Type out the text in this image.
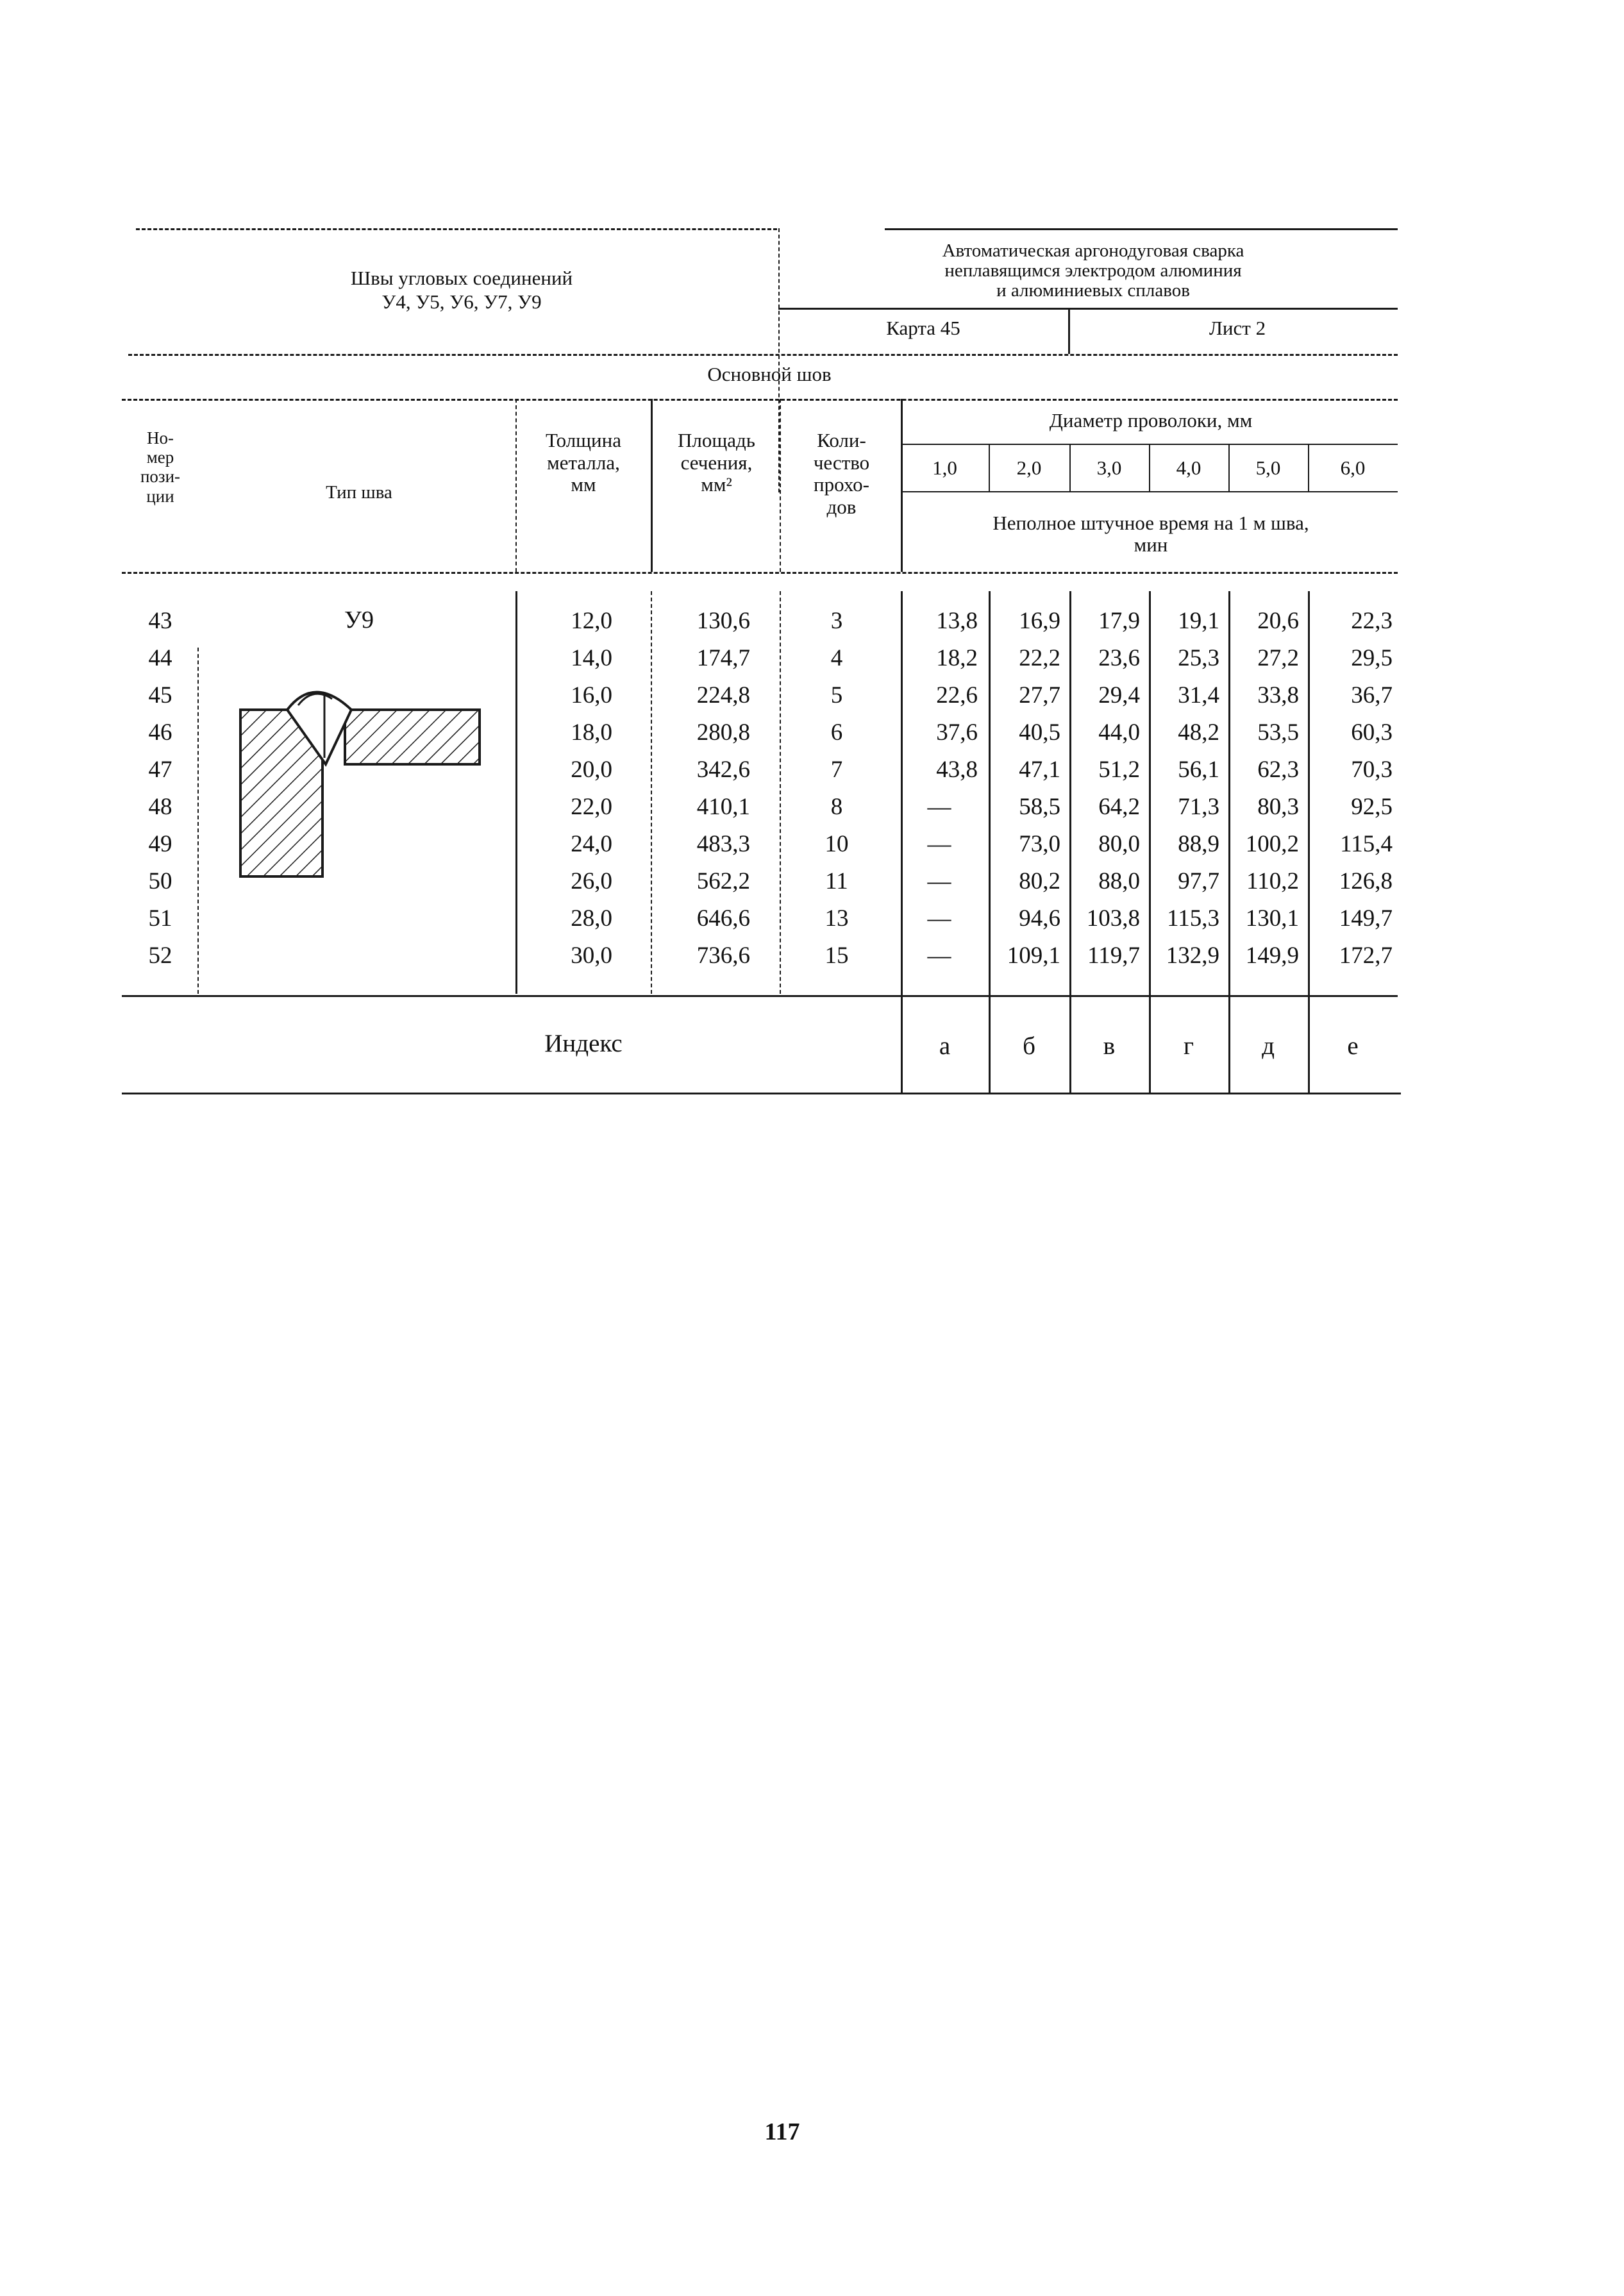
Швы угловых соединений
У4, У5, У6, У7, У9
Автоматическая аргонодуговая сварка
неплавящимся электродом алюминия
и алюминиевых сплавов
Карта 45	Лист 2
Основной шов
Но-
мер
пози-
ции	Тип шва
Толщина
металла,
мм
Площадь
сечения,
мм²
Коли-
чество
прохо-
дов
Диаметр проволоки, мм
1,0	2,0	3,0	4,0	5,0	6,0
Неполное штучное время на 1 м шва,
мин
У9
43	12,0	130,6	3	13,8	16,9	17,9	19,1	20,6	22,3
44	14,0	174,7	4	18,2	22,2	23,6	25,3	27,2	29,5
45	16,0	224,8	5	22,6	27,7	29,4	31,4	33,8	36,7
46	18,0	280,8	6	37,6	40,5	44,0	48,2	53,5	60,3
47	20,0	342,6	7	43,8	47,1	51,2	56,1	62,3	70,3
48	22,0	410,1	8	—	58,5	64,2	71,3	80,3	92,5
49	24,0	483,3	10	—	73,0	80,0	88,9	100,2	115,4
50	26,0	562,2	11	—	80,2	88,0	97,7	110,2	126,8
51	28,0	646,6	13	—	94,6	103,8	115,3	130,1	149,7
52	30,0	736,6	15	—	109,1	119,7	132,9	149,9	172,7
Индекс	а	б	в	г	д	е
117
